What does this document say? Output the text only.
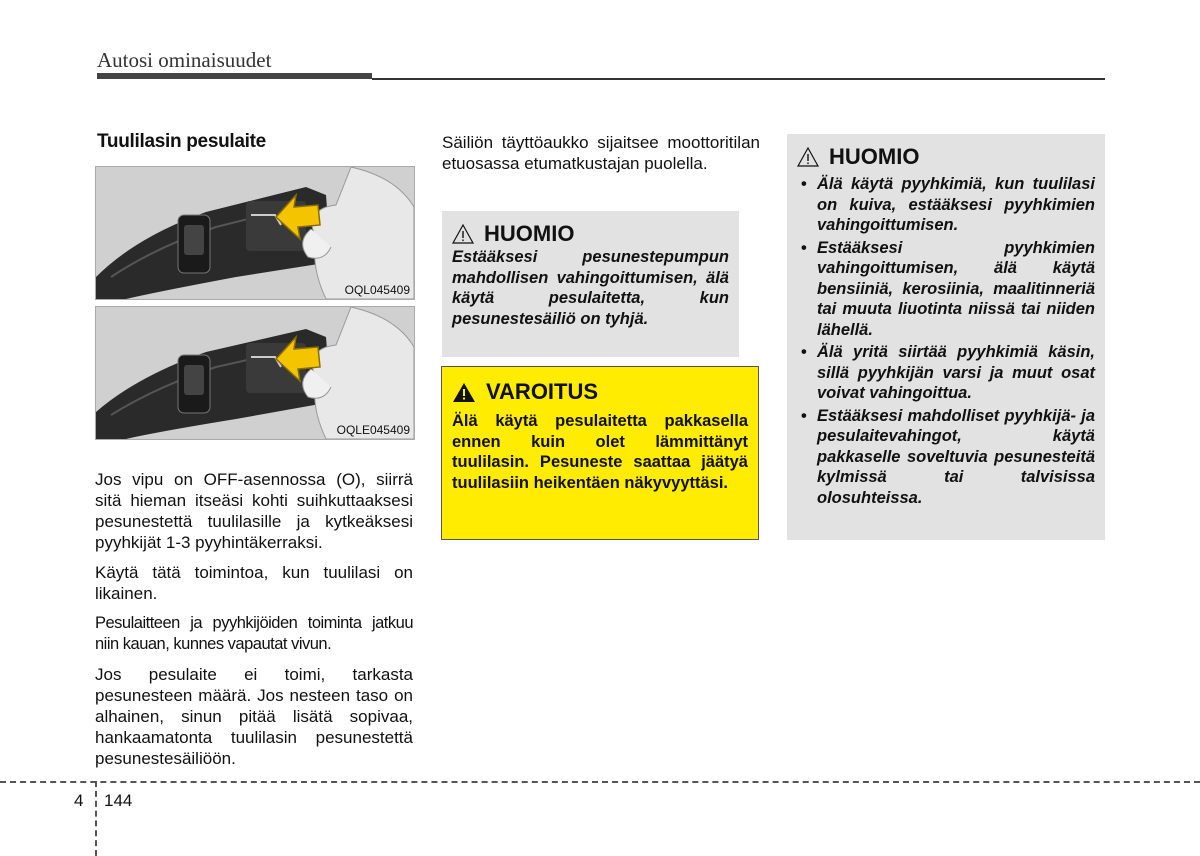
Autosi ominaisuudet
Tuulilasin pesulaite
OQL045409
OQLE045409

Jos vipu on OFF-asennossa (O), siirrä sitä hieman itseäsi kohti suihkuttaaksesi pesunestettä tuulilasille ja kytkeäksesi pyyhkijät 1-3 pyyhintäkerraksi.

Käytä tätä toimintoa, kun tuulilasi on likainen.

Pesulaitteen ja pyyhkijöiden toiminta jatkuu niin kauan, kunnes vapautat vivun.

Jos pesulaite ei toimi, tarkasta pesunesteen määrä. Jos nesteen taso on alhainen, sinun pitää lisätä sopivaa, hankaamatonta tuulilasin pesunestettä pesunestesäiliöön.

Säiliön täyttöaukko sijaitsee moottoritilan etuosassa etumatkustajan puolella.
HUOMIO
Estääksesi pesunestepumpun mahdollisen vahingoittumisen, älä käytä pesulaitetta, kun pesunestesäiliö on tyhjä.
VAROITUS
Älä käytä pesulaitetta pakkasella ennen kuin olet lämmittänyt tuulilasin. Pesuneste saattaa jäätyä tuulilasiin heikentäen näkyvyyttäsi.
HUOMIO
• Älä käytä pyyhkimiä, kun tuulilasi on kuiva, estääksesi pyyhkimien vahingoittumisen.
• Estääksesi pyyhkimien vahingoittumisen, älä käytä bensiiniä, kerosiinia, maalitinneriä tai muuta liuotinta niissä tai niiden lähellä.
• Älä yritä siirtää pyyhkimiä käsin, sillä pyyhkijän varsi ja muut osat voivat vahingoittua.
• Estääksesi mahdolliset pyyhkijä- ja pesulaitevahingot, käytä pakkaselle soveltuvia pesunesteitä kylmissä tai talvisissa olosuhteissa.
4 144
